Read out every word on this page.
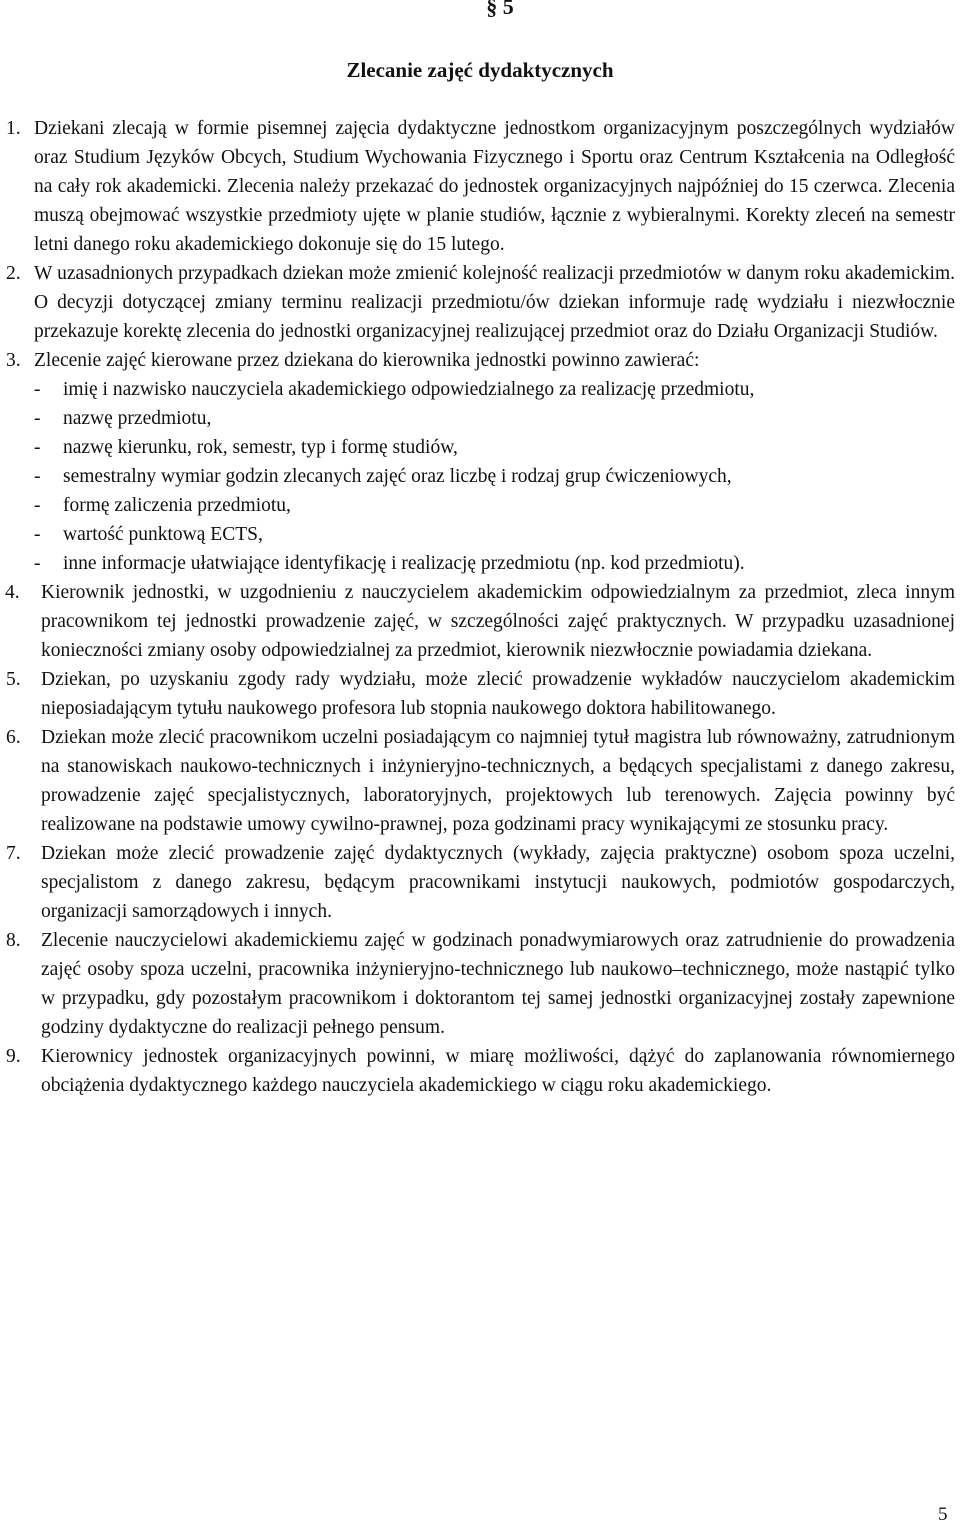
§ 5
Zlecanie zajęć dydaktycznych
1. Dziekani zlecają w formie pisemnej zajęcia dydaktyczne jednostkom organizacyjnym poszczególnych wydziałów oraz Studium Języków Obcych, Studium Wychowania Fizycznego i Sportu oraz Centrum Kształcenia na Odległość na cały rok akademicki. Zlecenia należy przekazać do jednostek organizacyjnych najpóźniej do 15 czerwca. Zlecenia muszą obejmować wszystkie przedmioty ujęte w planie studiów, łącznie z wybieralnymi. Korekty zleceń na semestr letni danego roku akademickiego dokonuje się do 15 lutego.
2. W uzasadnionych przypadkach dziekan może zmienić kolejność realizacji przedmiotów w danym roku akademickim. O decyzji dotyczącej zmiany terminu realizacji przedmiotu/ów dziekan informuje radę wydziału i niezwłocznie przekazuje korektę zlecenia do jednostki organizacyjnej realizującej przedmiot oraz do Działu Organizacji Studiów.
3. Zlecenie zajęć kierowane przez dziekana do kierownika jednostki powinno zawierać:
- imię i nazwisko nauczyciela akademickiego odpowiedzialnego za realizację przedmiotu,
- nazwę przedmiotu,
- nazwę kierunku, rok, semestr, typ i formę studiów,
- semestralny wymiar godzin zlecanych zajęć oraz liczbę i rodzaj grup ćwiczeniowych,
- formę zaliczenia przedmiotu,
- wartość punktową ECTS,
- inne informacje ułatwiające identyfikację i realizację przedmiotu (np. kod przedmiotu).
4. Kierownik jednostki, w uzgodnieniu z nauczycielem akademickim odpowiedzialnym za przedmiot, zleca innym pracownikom tej jednostki prowadzenie zajęć, w szczególności zajęć praktycznych. W przypadku uzasadnionej konieczności zmiany osoby odpowiedzialnej za przedmiot, kierownik niezwłocznie powiadamia dziekana.
5. Dziekan, po uzyskaniu zgody rady wydziału, może zlecić prowadzenie wykładów nauczycielom akademickim nieposiadającym tytułu naukowego profesora lub stopnia naukowego doktora habilitowanego.
6. Dziekan może zlecić pracownikom uczelni posiadającym co najmniej tytuł magistra lub równoważny, zatrudnionym na stanowiskach naukowo-technicznych i inżynieryjno-technicznych, a będących specjalistami z danego zakresu, prowadzenie zajęć specjalistycznych, laboratoryjnych, projektowych lub terenowych. Zajęcia powinny być realizowane na podstawie umowy cywilno-prawnej, poza godzinami pracy wynikającymi ze stosunku pracy.
7. Dziekan może zlecić prowadzenie zajęć dydaktycznych (wykłady, zajęcia praktyczne) osobom spoza uczelni, specjalistom z danego zakresu, będącym pracownikami instytucji naukowych, podmiotów gospodarczych, organizacji samorządowych i innych.
8. Zlecenie nauczycielowi akademickiemu zajęć w godzinach ponadwymiarowych oraz zatrudnienie do prowadzenia zajęć osoby spoza uczelni, pracownika inżynieryjno-technicznego lub naukowo–technicznego, może nastąpić tylko w przypadku, gdy pozostałym pracownikom i doktorantom tej samej jednostki organizacyjnej zostały zapewnione godziny dydaktyczne do realizacji pełnego pensum.
9. Kierownicy jednostek organizacyjnych powinni, w miarę możliwości, dążyć do zaplanowania równomiernego obciążenia dydaktycznego każdego nauczyciela akademickiego w ciągu roku akademickiego.
5
